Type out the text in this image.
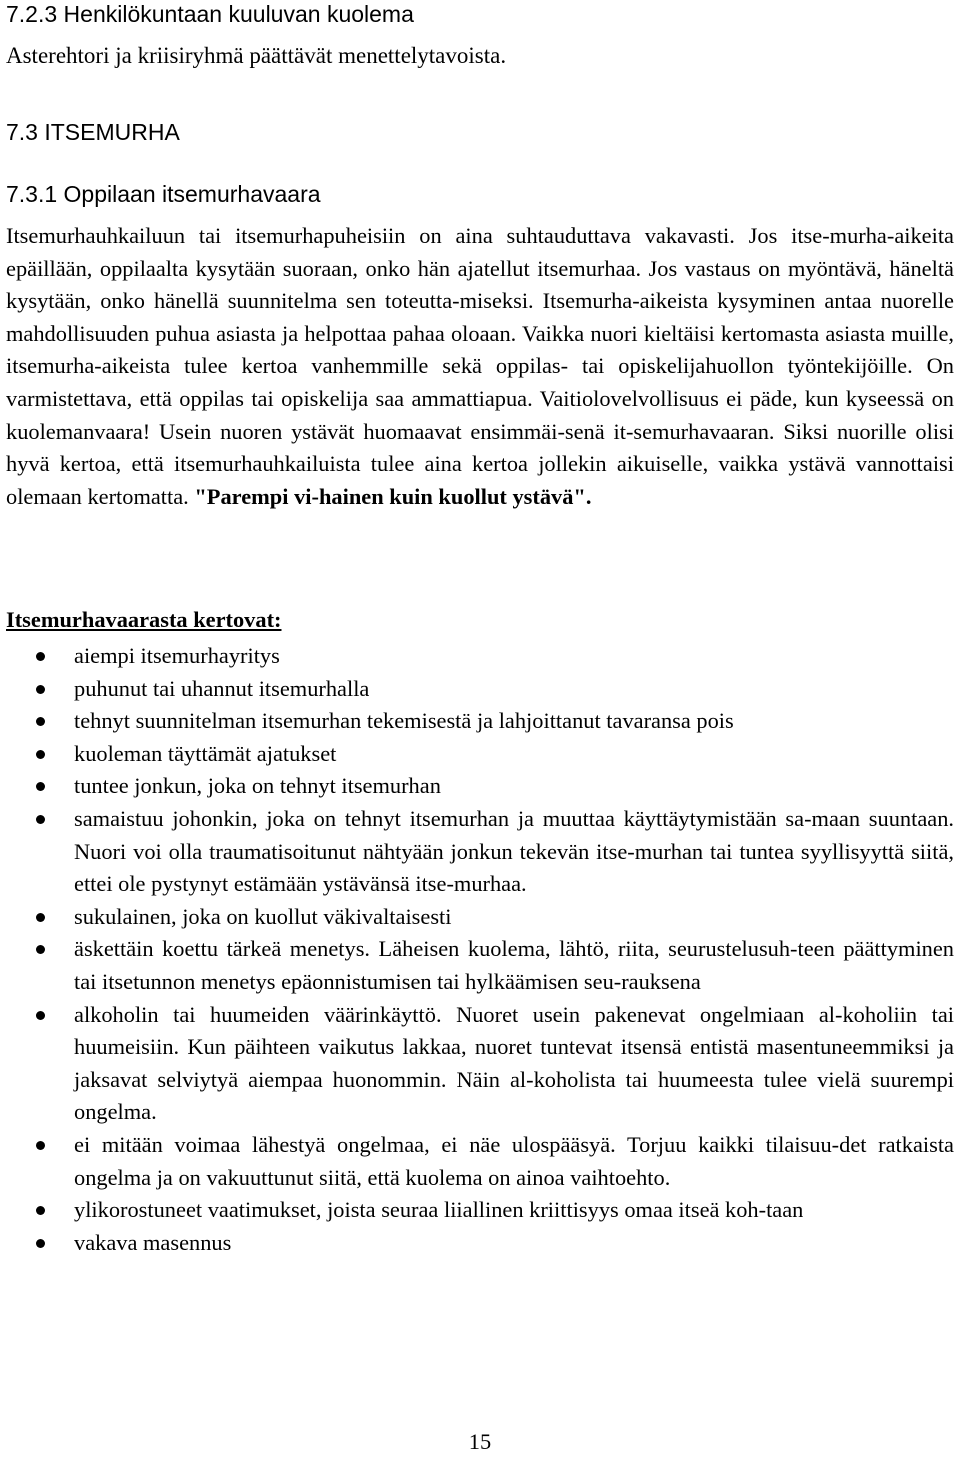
7.2.3 Henkilökuntaan kuuluvan kuolema
Asterehtori ja kriisiryhmä päättävät menettelytavoista.
7.3 ITSEMURHA
7.3.1 Oppilaan itsemurhavaara
Itsemurhauhkailuun tai itsemurhapuheisiin on aina suhtauduttava vakavasti. Jos itse-murha-aikeita epäillään, oppilaalta kysytään suoraan, onko hän ajatellut itsemurhaa. Jos vastaus on myöntävä, häneltä kysytään, onko hänellä suunnitelma sen toteutta-miseksi. Itsemurha-aikeista kysyminen antaa nuorelle mahdollisuuden puhua asiasta ja helpottaa pahaa oloaan. Vaikka nuori kieltäisi kertomasta asiasta muille, itsemurha-aikeista tulee kertoa vanhemmille sekä oppilas- tai opiskelijahuollon työntekijöille. On varmistettava, että oppilas tai opiskelija saa ammattiapua. Vaitiolovelvollisuus ei päde, kun kyseessä on kuolemanvaara! Usein nuoren ystävät huomaavat ensimmäi-senä it-semurhavaaran. Siksi nuorille olisi hyvä kertoa, että itsemurhauhkailuista tulee aina kertoa jollekin aikuiselle, vaikka ystävä vannottaisi olemaan kertomatta. "Parempi vi-hainen kuin kuollut ystävä".
Itsemurhavaarasta kertovat:
aiempi itsemurhayritys
puhunut tai uhannut itsemurhalla
tehnyt suunnitelman itsemurhan tekemisestä ja lahjoittanut tavaransa pois
kuoleman täyttämät ajatukset
tuntee jonkun, joka on tehnyt itsemurhan
samaistuu johonkin, joka on tehnyt itsemurhan ja muuttaa käyttäytymistään sa-maan suuntaan. Nuori voi olla traumatisoitunut nähtyään jonkun tekevän itse-murhan tai tuntea syyllisyyttä siitä, ettei ole pystynyt estämään ystävänsä itse-murhaa.
sukulainen, joka on kuollut väkivaltaisesti
äskettäin koettu tärkeä menetys. Läheisen kuolema, lähtö, riita, seurustelusuh-teen päättyminen tai itsetunnon menetys epäonnistumisen tai hylkäämisen seu-rauksena
alkoholin tai huumeiden väärinkäyttö. Nuoret usein pakenevat ongelmiaan al-koholiin tai huumeisiin. Kun päihteen vaikutus lakkaa, nuoret tuntevat itsensä entistä masentuneemmiksi ja jaksavat selviytyä aiempaa huonommin. Näin al-koholista tai huumeesta tulee vielä suurempi ongelma.
ei mitään voimaa lähestyä ongelmaa, ei näe ulospääsyä. Torjuu kaikki tilaisuu-det ratkaista ongelma ja on vakuuttunut siitä, että kuolema on ainoa vaihtoehto.
ylikorostuneet vaatimukset, joista seuraa liiallinen kriittisyys omaa itseä koh-taan
vakava masennus
15
